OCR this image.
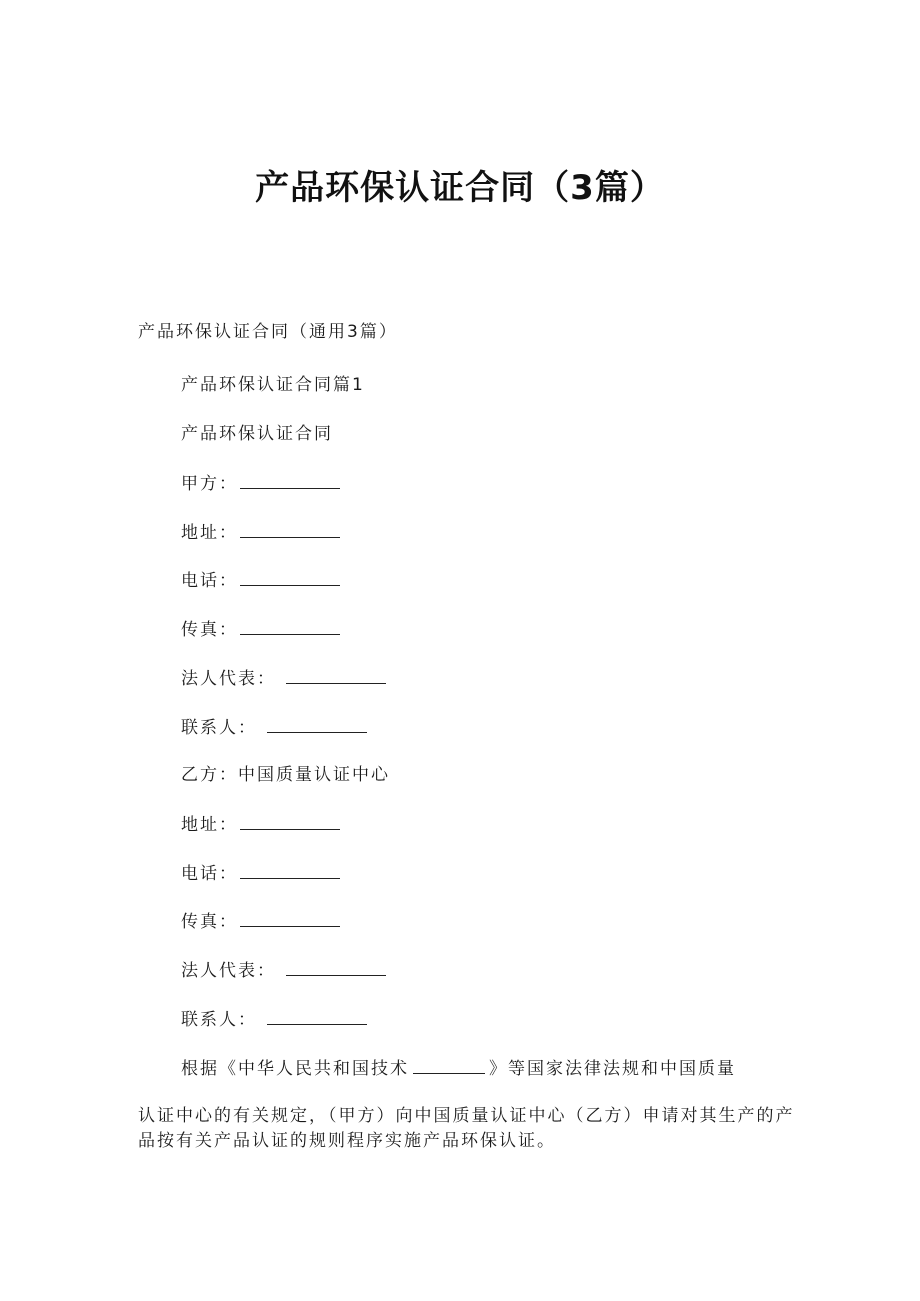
产品环保认证合同（3篇）
产品环保认证合同（通用3篇）
产品环保认证合同篇1
产品环保认证合同
甲方：
地址：
电话：
传真：
法人代表：
联系人：
乙方：中国质量认证中心
地址：
电话：
传真：
法人代表：
联系人：
根据《中华人民共和国技术	》等国家法律法规和中国质量
认证中心的有关规定，（甲方）向中国质量认证中心（乙方）申请对其生产的产品按有关产品认证的规则程序实施产品环保认证。
